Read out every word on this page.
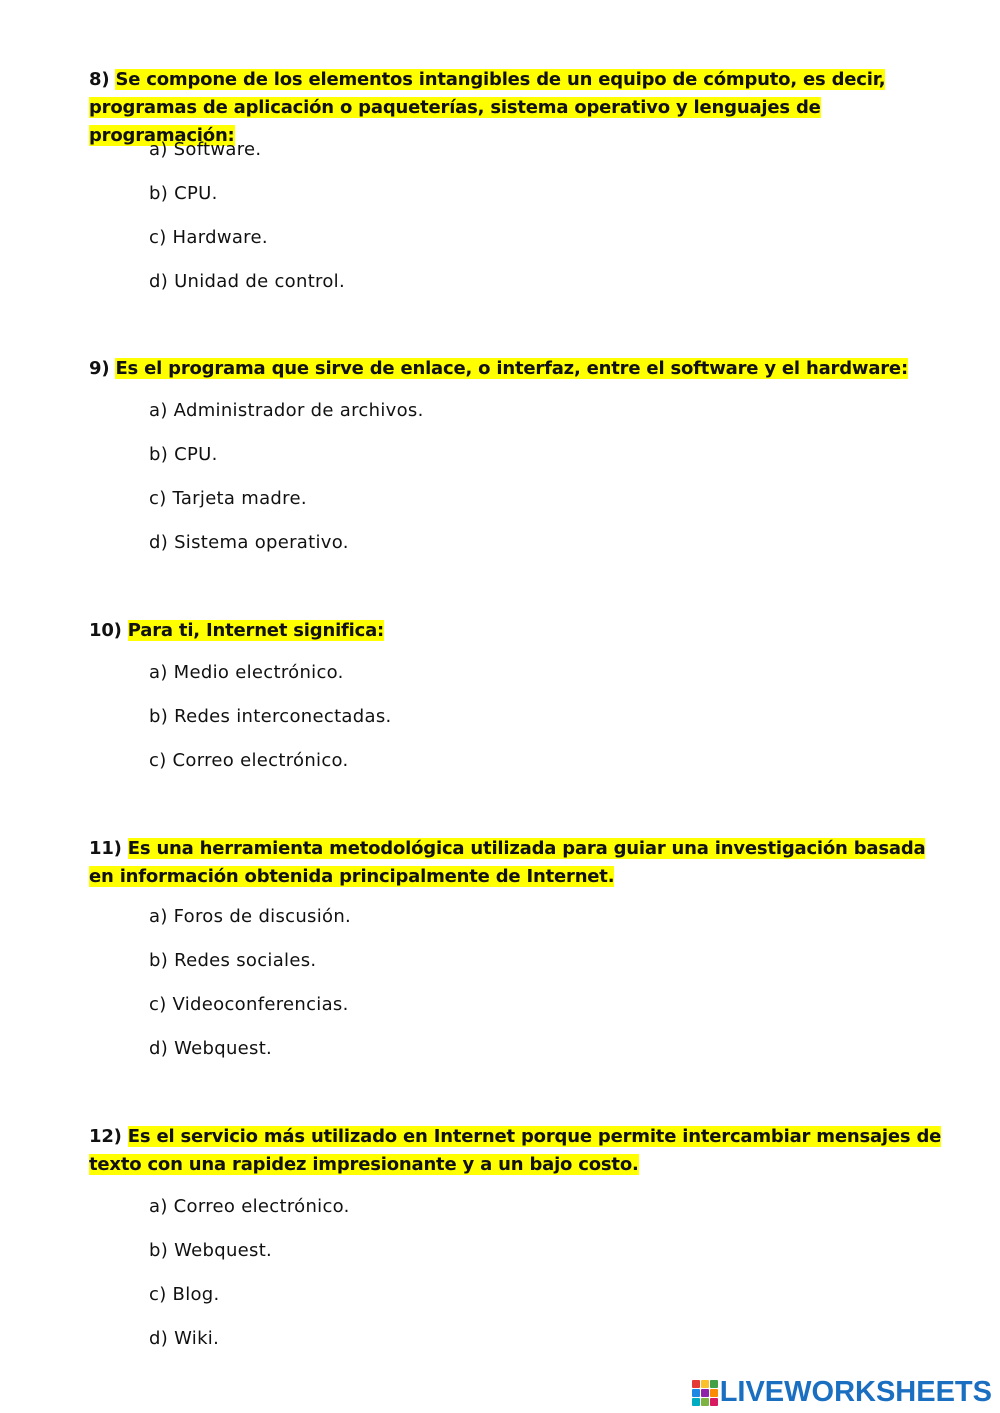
8) Se compone de los elementos intangibles de un equipo de cómputo, es decir, programas de aplicación o paqueterías, sistema operativo y lenguajes de programación:

a) Software.
b) CPU.
c) Hardware.
d) Unidad de control.

9) Es el programa que sirve de enlace, o interfaz, entre el software y el hardware:

a) Administrador de archivos.
b) CPU.
c) Tarjeta madre.
d) Sistema operativo.

10) Para ti, Internet significa:

a) Medio electrónico.
b) Redes interconectadas.
c) Correo electrónico.

11) Es una herramienta metodológica utilizada para guiar una investigación basada en información obtenida principalmente de Internet.

a) Foros de discusión.
b) Redes sociales.
c) Videoconferencias.
d) Webquest.

12) Es el servicio más utilizado en Internet porque permite intercambiar mensajes de texto con una rapidez impresionante y a un bajo costo.

a) Correo electrónico.
b) Webquest.
c) Blog.
d) Wiki.
LIVEWORKSHEETS
